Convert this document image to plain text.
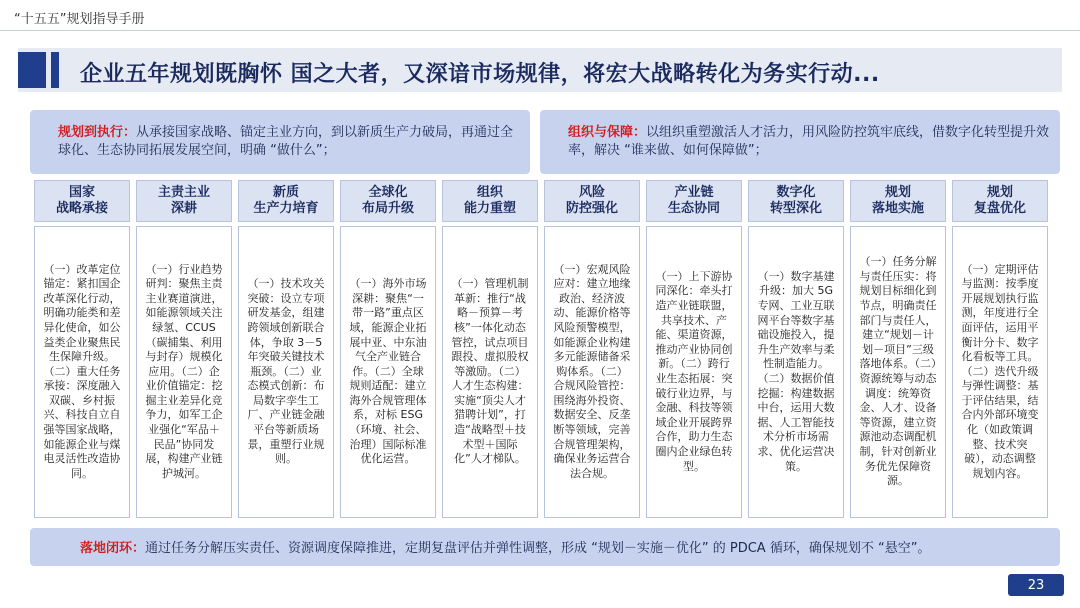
“十五五”规划指导手册
企业五年规划既胸怀 国之大者，又深谙市场规律，将宏大战略转化为务实行动...
规划到执行：从承接国家战略、锚定主业方向，到以新质生产力破局，再通过全球化、生态协同拓展发展空间，明确 “做什么”；
组织与保障：以组织重塑激活人才活力，用风险防控筑牢底线，借数字化转型提升效率，解决 “谁来做、如何保障做”；
国家
战略承接

（一）改革定位锚定：紧扣国企改革深化行动，明确功能类和差异化使命，如公益类企业聚焦民生保障升级。（二）重大任务承接：深度融入双碳、乡村振兴、科技自立自强等国家战略，如能源企业与煤电灵活性改造协同。

主责主业
深耕

（一）行业趋势研判：聚焦主责主业赛道演进，如能源领域关注绿氢、CCUS（碳捕集、利用与封存）规模化应用。（二）企业价值锚定：挖掘主业差异化竞争力，如军工企业强化“军品＋民品”协同发展，构建产业链护城河。

新质
生产力培育

（一）技术攻关突破：设立专项研发基金，组建跨领域创新联合体，争取 3－5 年突破关键技术瓶颈。（二）业态模式创新：布局数字孪生工厂、产业链金融平台等新质场景，重塑行业规则。

全球化
布局升级

（一）海外市场深耕：聚焦“一带一路”重点区域，能源企业拓展中亚、中东油气全产业链合作。（二）全球规则适配：建立海外合规管理体系，对标 ESG（环境、社会、治理）国际标准优化运营。

组织
能力重塑

（一）管理机制革新：推行“战略－预算－考核”一体化动态管控，试点项目跟投、虚拟股权等激励。（二）人才生态构建：实施“顶尖人才猎聘计划”，打造“战略型＋技术型＋国际化”人才梯队。

风险
防控强化

（一）宏观风险应对：建立地缘政治、经济波动、能源价格等风险预警模型，如能源企业构建多元能源储备采购体系。（二）合规风险管控：围绕海外投资、数据安全、反垄断等领域，完善合规管理架构，确保业务运营合法合规。

产业链
生态协同

（一）上下游协同深化：牵头打造产业链联盟，共享技术、产能、渠道资源，推动产业协同创新。（二）跨行业生态拓展：突破行业边界，与金融、科技等领域企业开展跨界合作，助力生态圈内企业绿色转型。

数字化
转型深化

（一）数字基建升级：加大 5G 专网、工业互联网平台等数字基础设施投入，提升生产效率与柔性制造能力。（二）数据价值挖掘：构建数据中台，运用大数据、人工智能技术分析市场需求、优化运营决策。

规划
落地实施

（一）任务分解与责任压实：将规划目标细化到节点，明确责任部门与责任人，建立“规划－计划－项目”三级落地体系。（二）资源统筹与动态调度：统筹资金、人才、设备等资源，建立资源池动态调配机制，针对创新业务优先保障资源。

规划
复盘优化

（一）定期评估与监测：按季度开展规划执行监测，年度进行全面评估，运用平衡计分卡、数字化看板等工具。（二）迭代升级与弹性调整：基于评估结果，结合内外部环境变化（如政策调整、技术突破），动态调整规划内容。

落地闭环：通过任务分解压实责任、资源调度保障推进，定期复盘评估并弹性调整，形成 “规划－实施－优化” 的 PDCA 循环，确保规划不 “悬空”。
23
